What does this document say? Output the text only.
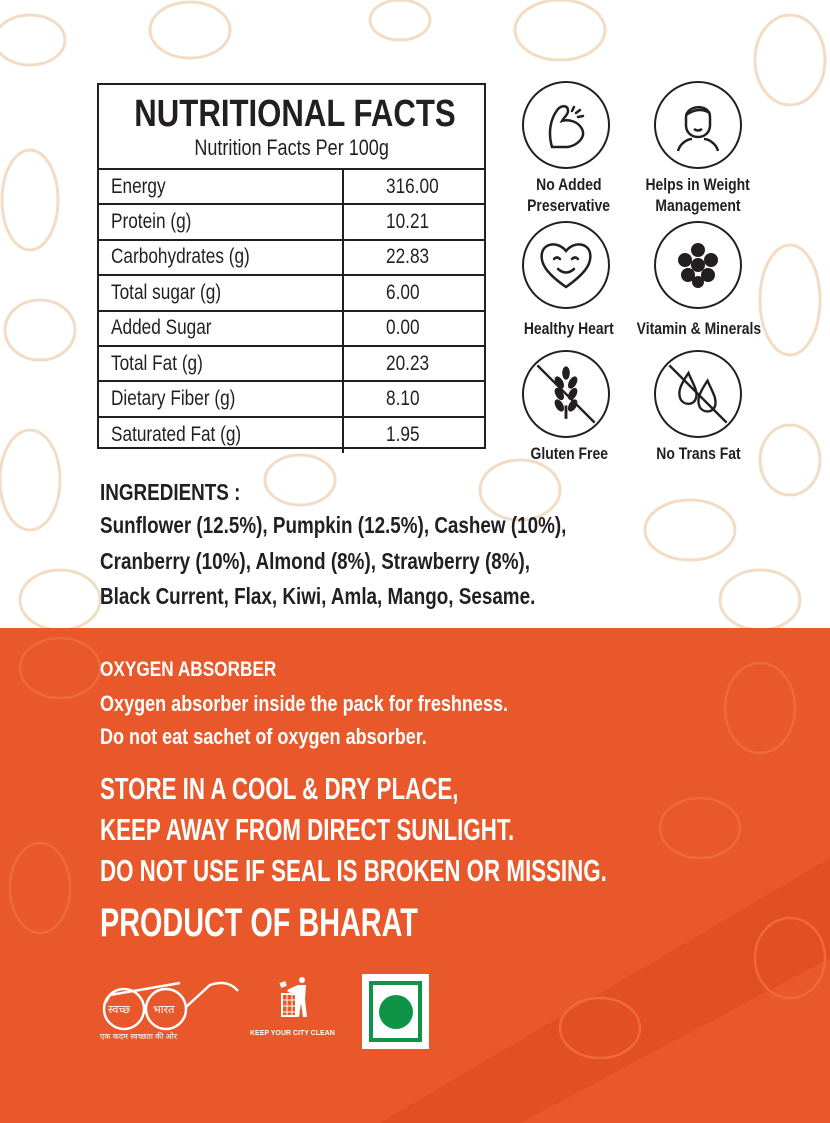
NUTRITIONAL FACTS
Nutrition Facts Per 100g
Energy	316.00
Protein (g)	10.21
Carbohydrates (g)	22.83
Total sugar (g)	6.00
Added Sugar	0.00
Total Fat (g)	20.23
Dietary Fiber (g)	8.10
Saturated Fat (g)	1.95
No Added
Preservative
Helps in Weight
Management
Healthy Heart	Vitamin & Minerals
Gluten Free	No Trans Fat
INGREDIENTS :
Sunflower (12.5%), Pumpkin (12.5%), Cashew (10%),
Cranberry (10%), Almond (8%), Strawberry (8%),
Black Current, Flax, Kiwi, Amla, Mango, Sesame.
OXYGEN ABSORBER
Oxygen absorber inside the pack for freshness.
Do not eat sachet of oxygen absorber.
STORE IN A COOL & DRY PLACE,
KEEP AWAY FROM DIRECT SUNLIGHT.
DO NOT USE IF SEAL IS BROKEN OR MISSING.
PRODUCT OF BHARAT
स्वच्छ भारत
एक कदम स्वच्छता की ओर	KEEP YOUR CITY CLEAN
